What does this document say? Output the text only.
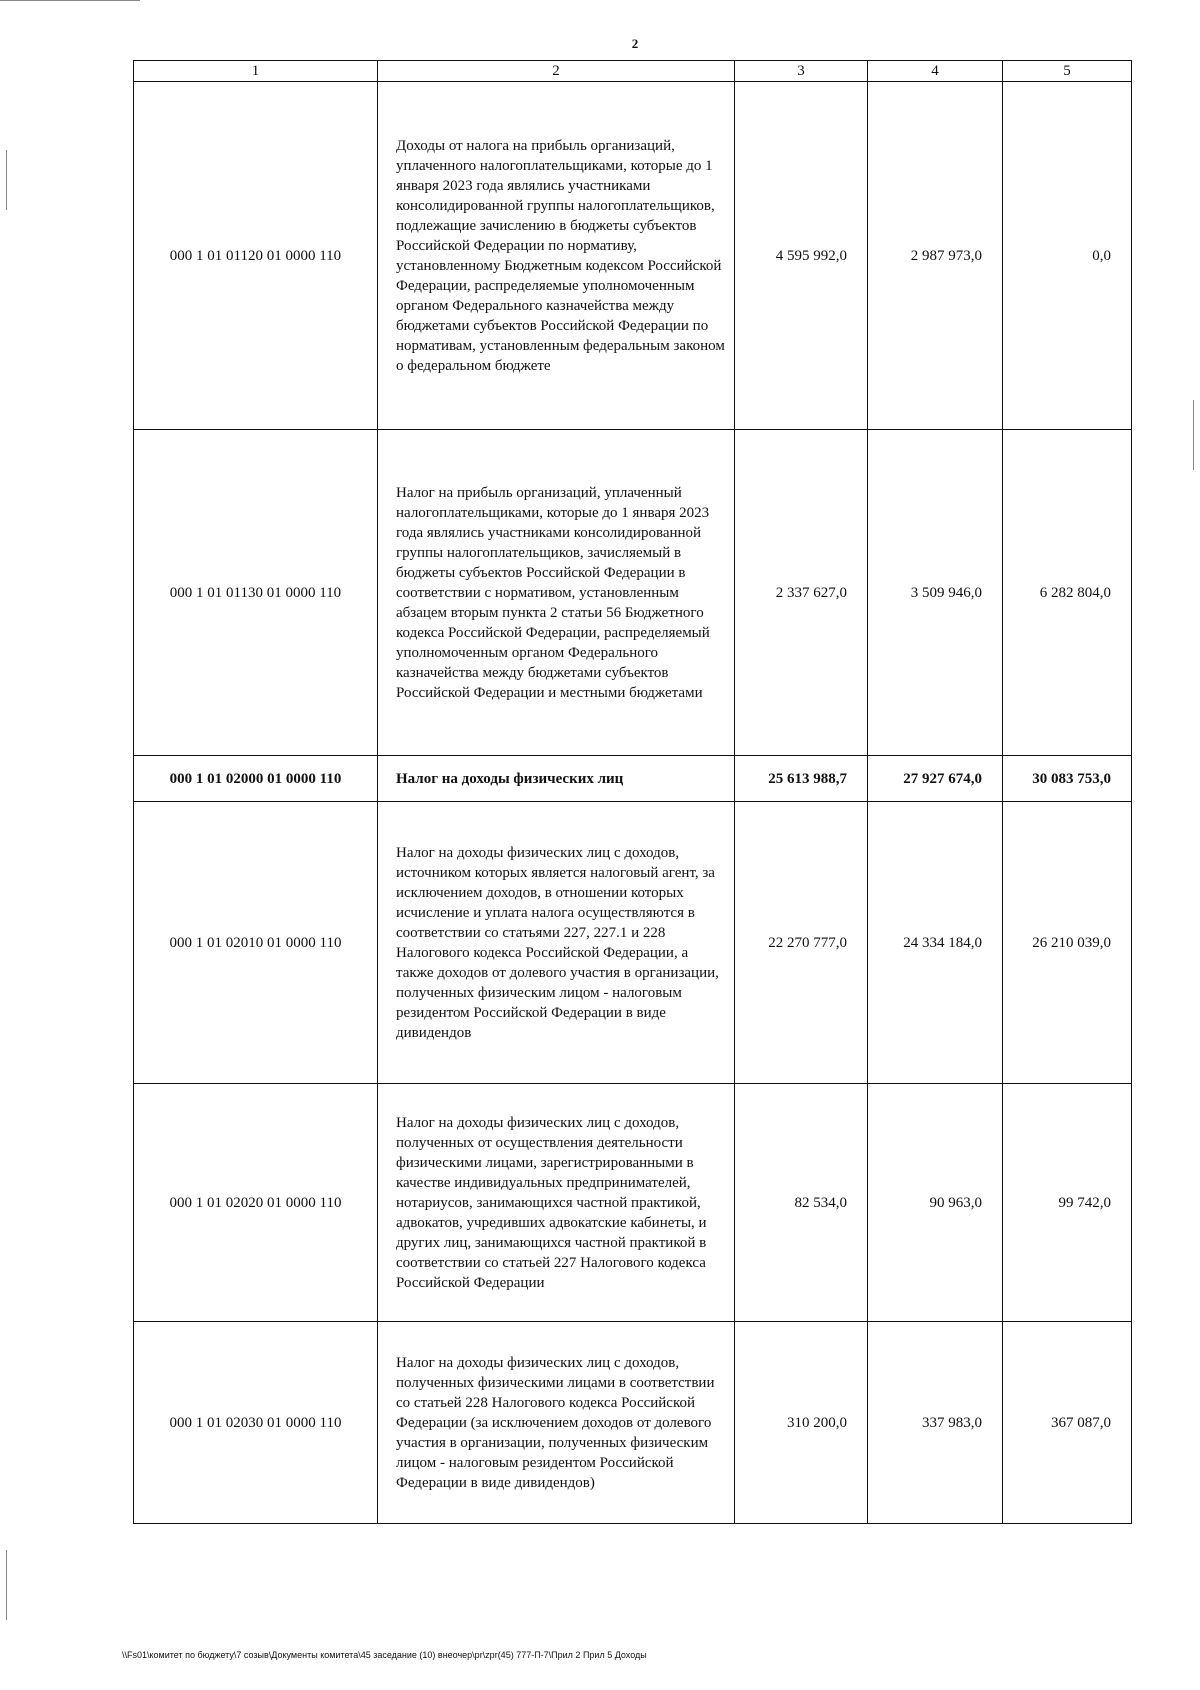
2
1	2	3	4	5
000 1 01 01120 01 0000 110	Доходы от налога на прибыль организаций, уплаченного налогоплательщиками, которые до 1 января 2023 года являлись участниками консолидированной группы налогоплательщиков, подлежащие зачислению в бюджеты субъектов Российской Федерации по нормативу, установленному Бюджетным кодексом Российской Федерации, распределяемые уполномоченным органом Федерального казначейства между бюджетами субъектов Российской Федерации по нормативам, установленным федеральным законом о федеральном бюджете	4 595 992,0	2 987 973,0	0,0
000 1 01 01130 01 0000 110	Налог на прибыль организаций, уплаченный налогоплательщиками, которые до 1 января 2023 года являлись участниками консолидированной группы налогоплательщиков, зачисляемый в бюджеты субъектов Российской Федерации в соответствии с нормативом, установленным абзацем вторым пункта 2 статьи 56 Бюджетного кодекса Российской Федерации, распределяемый уполномоченным органом Федерального казначейства между бюджетами субъектов Российской Федерации и местными бюджетами	2 337 627,0	3 509 946,0	6 282 804,0
000 1 01 02000 01 0000 110	Налог на доходы физических лиц	25 613 988,7	27 927 674,0	30 083 753,0
000 1 01 02010 01 0000 110	Налог на доходы физических лиц с доходов, источником которых является налоговый агент, за исключением доходов, в отношении которых исчисление и уплата налога осуществляются в соответствии со статьями 227, 227.1 и 228 Налогового кодекса Российской Федерации, а также доходов от долевого участия в организации, полученных физическим лицом - налоговым резидентом Российской Федерации в виде дивидендов	22 270 777,0	24 334 184,0	26 210 039,0
000 1 01 02020 01 0000 110	Налог на доходы физических лиц с доходов, полученных от осуществления деятельности физическими лицами, зарегистрированными в качестве индивидуальных предпринимателей, нотариусов, занимающихся частной практикой, адвокатов, учредивших адвокатские кабинеты, и других лиц, занимающихся частной практикой в соответствии со статьей 227 Налогового кодекса Российской Федерации	82 534,0	90 963,0	99 742,0
000 1 01 02030 01 0000 110	Налог на доходы физических лиц с доходов, полученных физическими лицами в соответствии со статьей 228 Налогового кодекса Российской Федерации (за исключением доходов от долевого участия в организации, полученных физическим лицом - налоговым резидентом Российской Федерации в виде дивидендов)	310 200,0	337 983,0	367 087,0
\\Fs01\комитет по бюджету\7 созыв\Документы комитета\45 заседание (10) внеочер\pr\zpr(45) 777-П-7\Прил 2 Прил 5 Доходы
